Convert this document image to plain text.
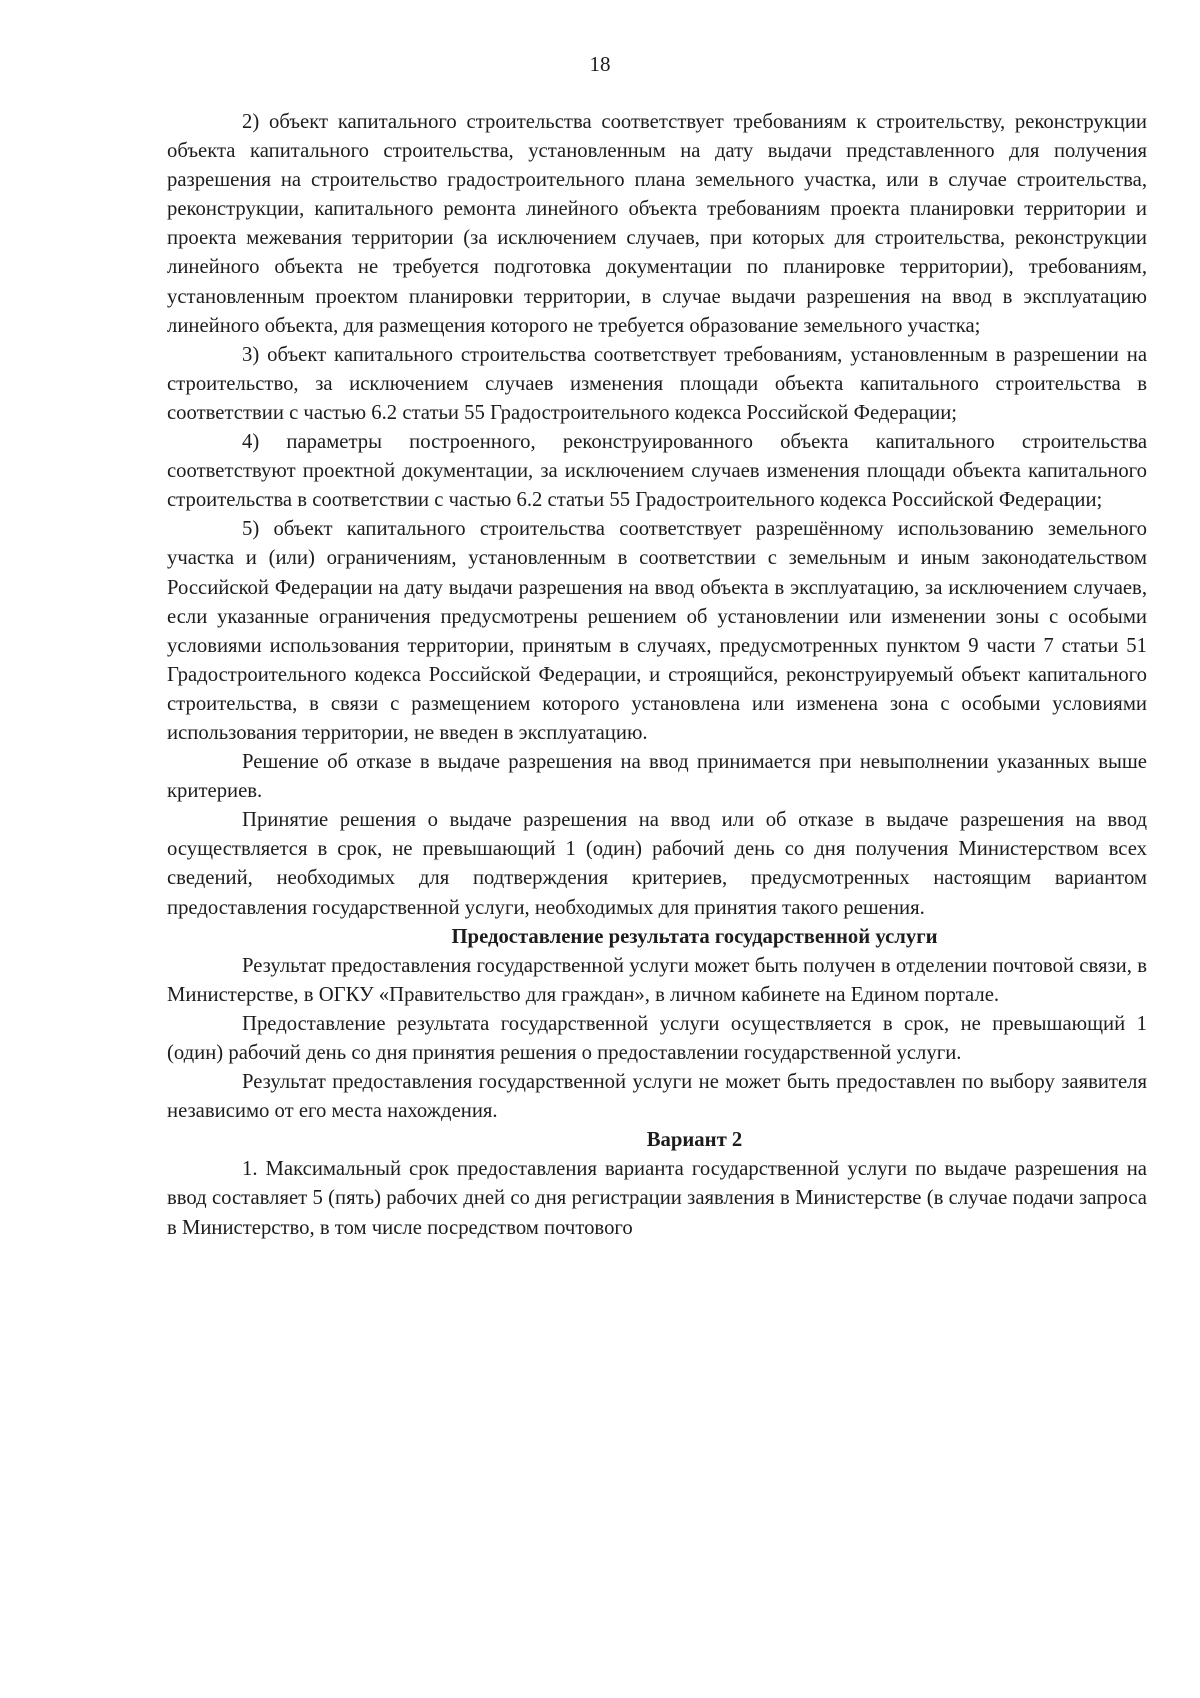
18

2) объект капитального строительства соответствует требованиям к строительству, реконструкции объекта капитального строительства, установленным на дату выдачи представленного для получения разрешения на строительство градостроительного плана земельного участка, или в случае строительства, реконструкции, капитального ремонта линейного объекта требованиям проекта планировки территории и проекта межевания территории (за исключением случаев, при которых для строительства, реконструкции линейного объекта не требуется подготовка документации по планировке территории), требованиям, установленным проектом планировки территории, в случае выдачи разрешения на ввод в эксплуатацию линейного объекта, для размещения которого не требуется образование земельного участка;

3) объект капитального строительства соответствует требованиям, установленным в разрешении на строительство, за исключением случаев изменения площади объекта капитального строительства в соответствии с частью 6.2 статьи 55 Градостроительного кодекса Российской Федерации;

4) параметры построенного, реконструированного объекта капитального строительства соответствуют проектной документации, за исключением случаев изменения площади объекта капитального строительства в соответствии с частью 6.2 статьи 55 Градостроительного кодекса Российской Федерации;

5) объект капитального строительства соответствует разрешённому использованию земельного участка и (или) ограничениям, установленным в соответствии с земельным и иным законодательством Российской Федерации на дату выдачи разрешения на ввод объекта в эксплуатацию, за исключением случаев, если указанные ограничения предусмотрены решением об установлении или изменении зоны с особыми условиями использования территории, принятым в случаях, предусмотренных пунктом 9 части 7 статьи 51 Градостроительного кодекса Российской Федерации, и строящийся, реконструируемый объект капитального строительства, в связи с размещением которого установлена или изменена зона с особыми условиями использования территории, не введен в эксплуатацию.

Решение об отказе в выдаче разрешения на ввод принимается при невыполнении указанных выше критериев.

Принятие решения о выдаче разрешения на ввод или об отказе в выдаче разрешения на ввод осуществляется в срок, не превышающий 1 (один) рабочий день со дня получения Министерством всех сведений, необходимых для подтверждения критериев, предусмотренных настоящим вариантом предоставления государственной услуги, необходимых для принятия такого решения.

Предоставление результата государственной услуги

Результат предоставления государственной услуги может быть получен в отделении почтовой связи, в Министерстве, в ОГКУ «Правительство для граждан», в личном кабинете на Едином портале.

Предоставление результата государственной услуги осуществляется в срок, не превышающий 1 (один) рабочий день со дня принятия решения о предоставлении государственной услуги.

Результат предоставления государственной услуги не может быть предоставлен по выбору заявителя независимо от его места нахождения.

Вариант 2

1. Максимальный срок предоставления варианта государственной услуги по выдаче разрешения на ввод составляет 5 (пять) рабочих дней со дня регистрации заявления в Министерстве (в случае подачи запроса в Министерство, в том числе посредством почтового
